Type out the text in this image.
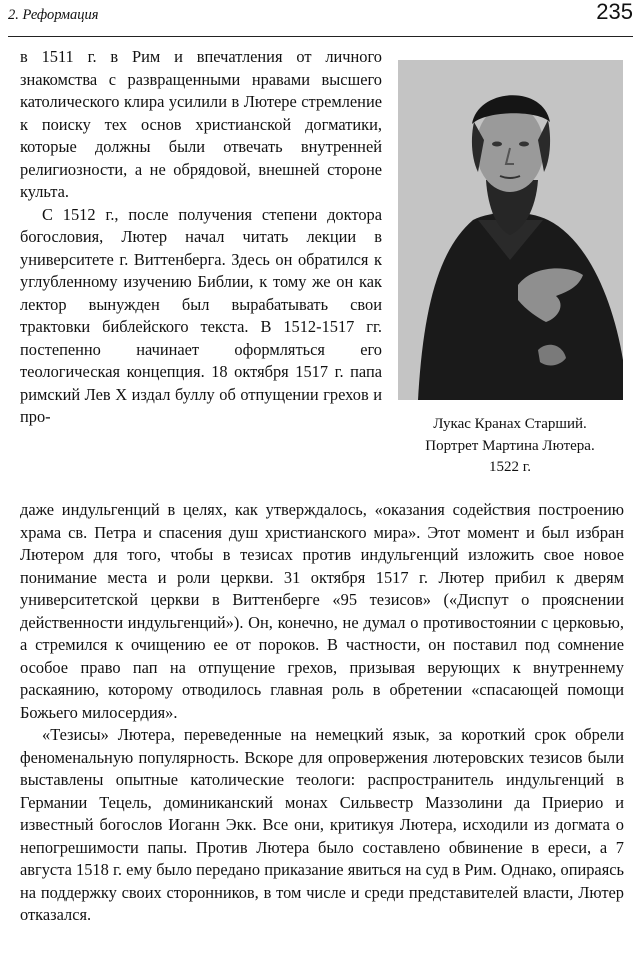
2. Реформация	235

в 1511 г. в Рим и впечатления от личного знакомства с развращенными нравами высшего католического клира усилили в Лютере стремление к поиску тех основ христианской догматики, которые должны были отвечать внутренней религиозности, а не обрядовой, внешней стороне культа.

С 1512 г., после получения степени доктора богословия, Лютер начал читать лекции в университете г. Виттенберга. Здесь он обратился к углубленному изучению Библии, к тому же он как лектор вынужден был вырабатывать свои трактовки библейского текста. В 1512-1517 гг. постепенно начинает оформляться его теологическая концепция. 18 октября 1517 г. папа римский Лев X издал буллу об отпущении грехов и про-	Лукас Кранах Старший.
Портрет Мартина Лютера.
1522 г.

даже индульгенций в целях, как утверждалось, «оказания содействия построению храма св. Петра и спасения душ христианского мира». Этот момент и был избран Лютером для того, чтобы в тезисах против индульгенций изложить свое новое понимание места и роли церкви. 31 октября 1517 г. Лютер прибил к дверям университетской церкви в Виттенберге «95 тезисов» («Диспут о прояснении действенности индульгенций»). Он, конечно, не думал о противостоянии с церковью, а стремился к очищению ее от пороков. В частности, он поставил под сомнение особое право пап на отпущение грехов, призывая верующих к внутреннему раскаянию, которому отводилось главная роль в обретении «спасающей помощи Божьего милосердия».

«Тезисы» Лютера, переведенные на немецкий язык, за короткий срок обрели феноменальную популярность. Вскоре для опровержения лютеровских тезисов были выставлены опытные католические теологи: распространитель индульгенций в Германии Тецель, доминиканский монах Сильвестр Маззолини да Приерио и известный богослов Иоганн Экк. Все они, критикуя Лютера, исходили из догмата о непогрешимости папы. Против Лютера было составлено обвинение в ереси, а 7 августа 1518 г. ему было передано приказание явиться на суд в Рим. Однако, опираясь на поддержку своих сторонников, в том числе и среди представителей власти, Лютер отказался.
